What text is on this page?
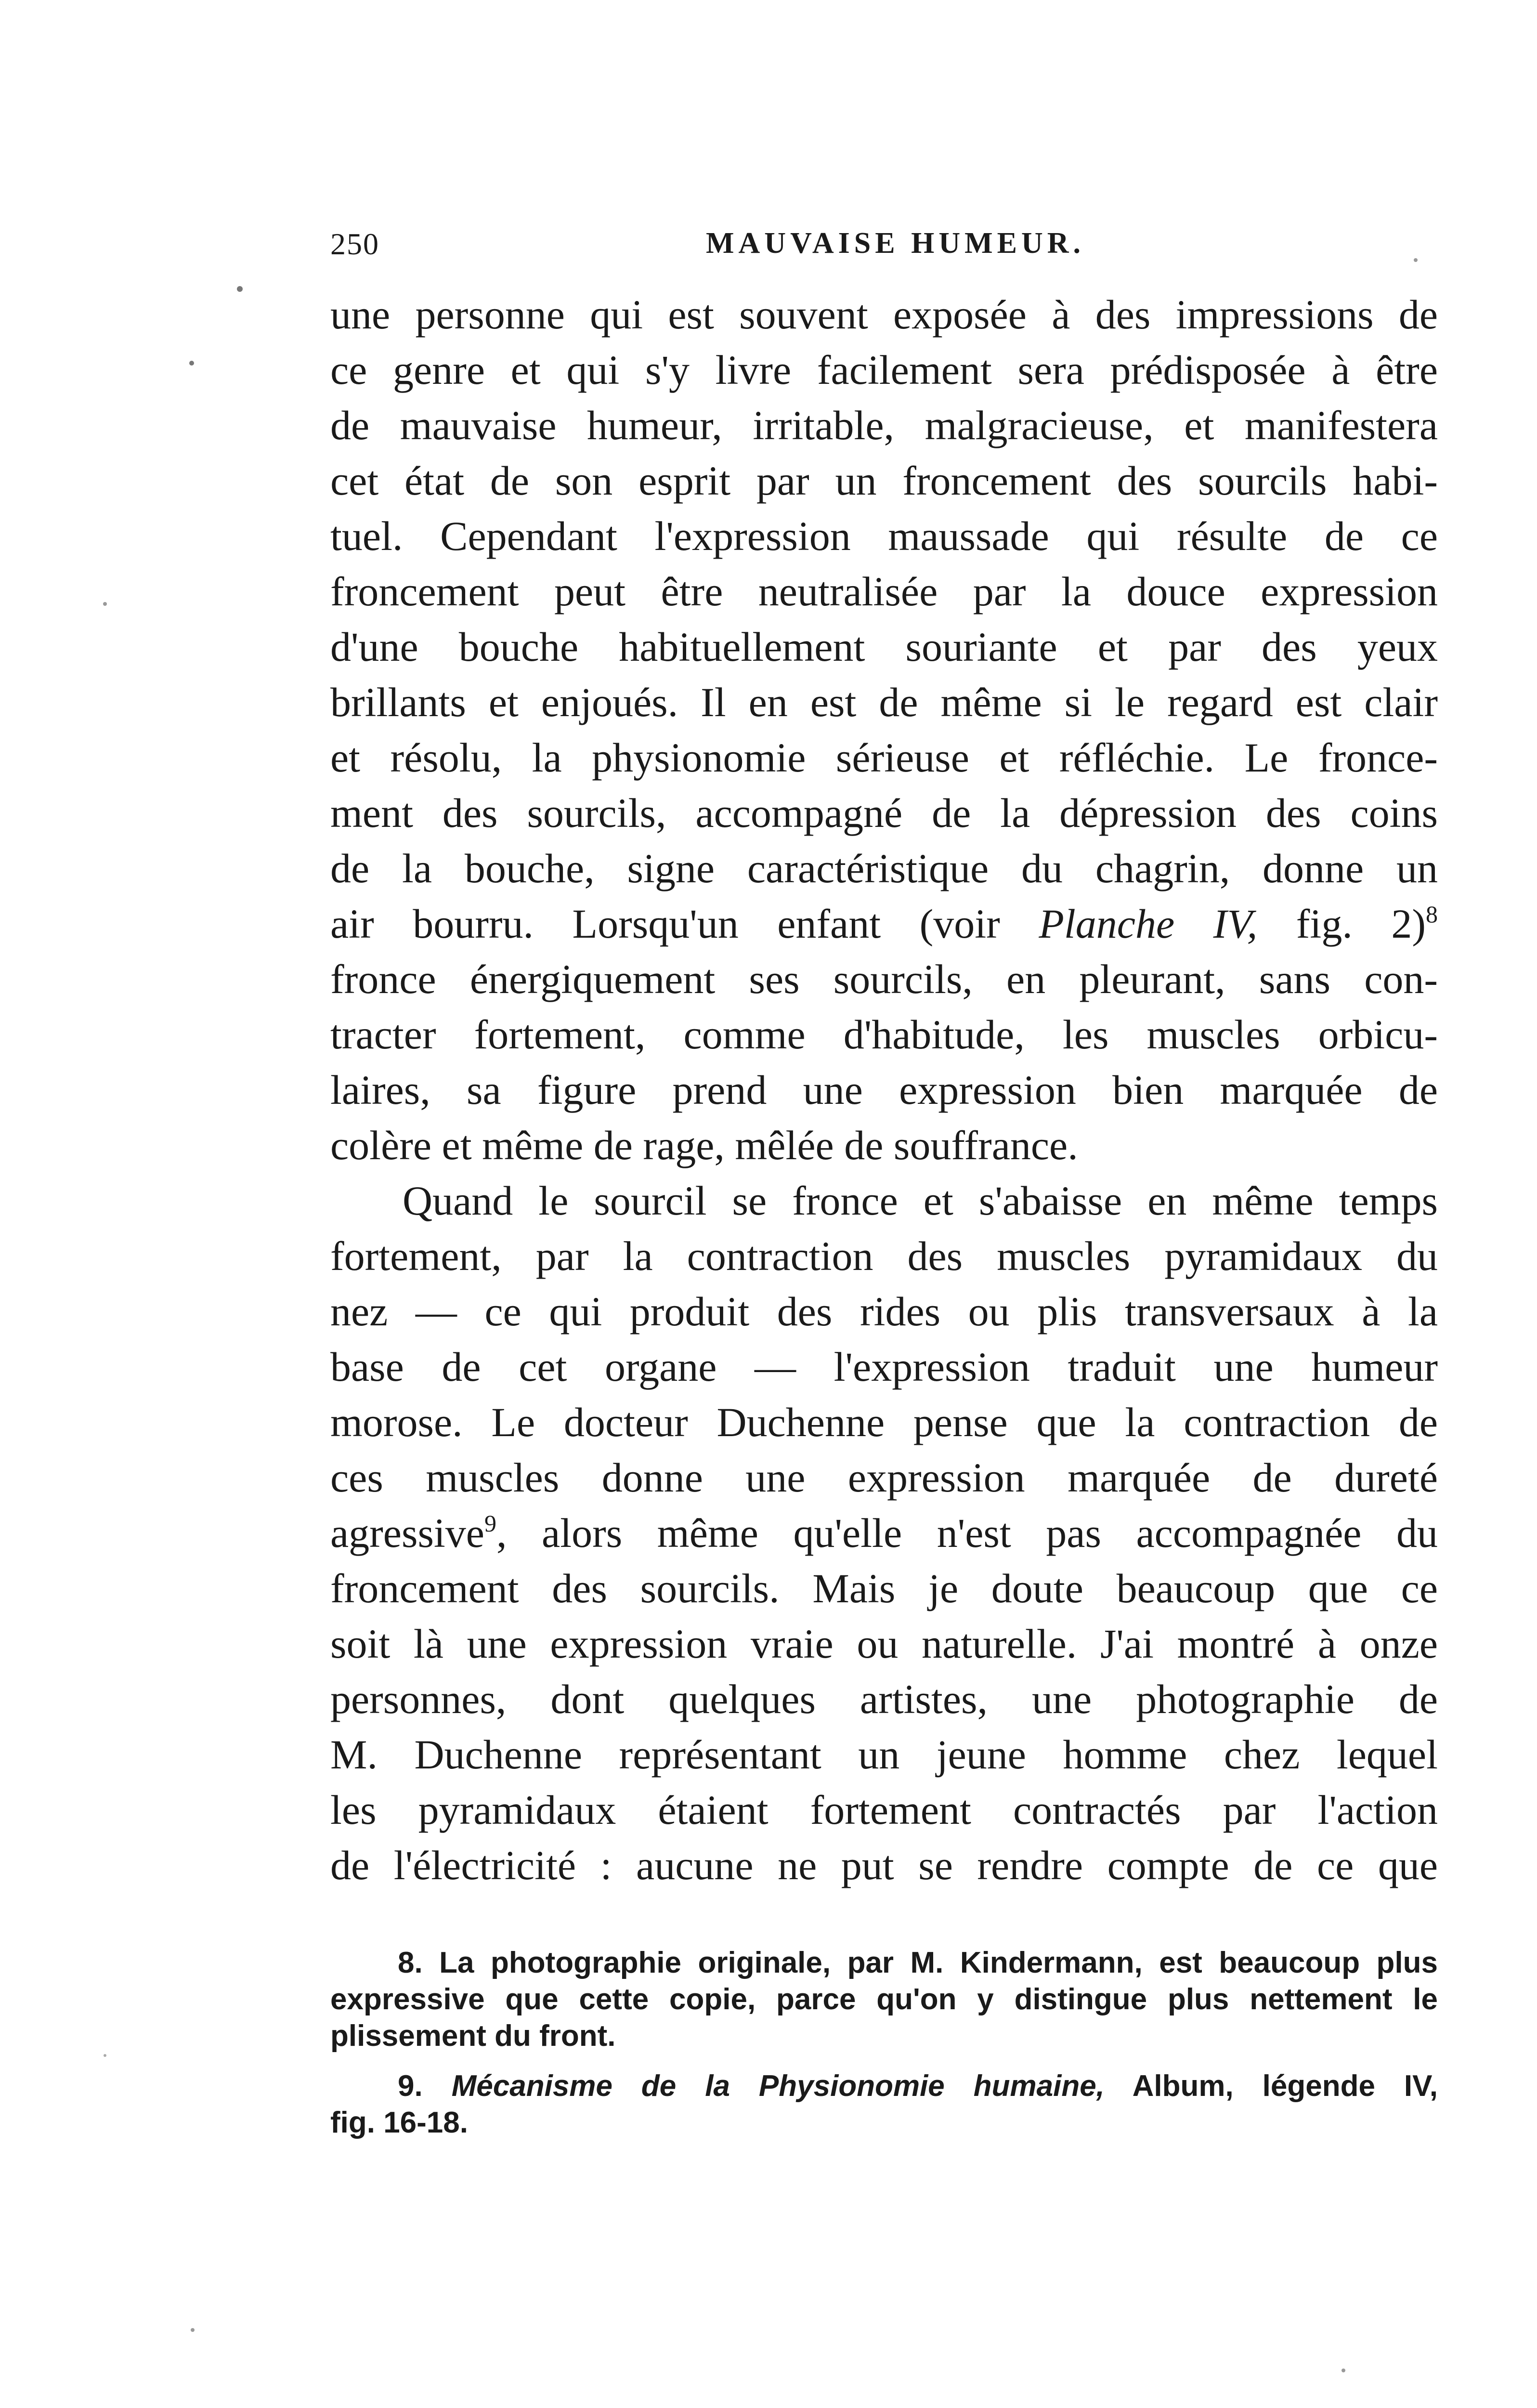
250	MAUVAISE HUMEUR.
une personne qui est souvent exposée à des impressions de
ce genre et qui s'y livre facilement sera prédisposée à être
de mauvaise humeur, irritable, malgracieuse, et manifestera
cet état de son esprit par un froncement des sourcils habi-
tuel. Cependant l'expression maussade qui résulte de ce
froncement peut être neutralisée par la douce expression
d'une bouche habituellement souriante et par des yeux
brillants et enjoués. Il en est de même si le regard est clair
et résolu, la physionomie sérieuse et réfléchie. Le fronce-
ment des sourcils, accompagné de la dépression des coins
de la bouche, signe caractéristique du chagrin, donne un
air bourru. Lorsqu'un enfant (voir Planche IV, fig. 2)$^8$
fronce énergiquement ses sourcils, en pleurant, sans con-
tracter fortement, comme d'habitude, les muscles orbicu-
laires, sa figure prend une expression bien marquée de
colère et même de rage, mêlée de souffrance.
Quand le sourcil se fronce et s'abaisse en même temps
fortement, par la contraction des muscles pyramidaux du
nez — ce qui produit des rides ou plis transversaux à la
base de cet organe — l'expression traduit une humeur
morose. Le docteur Duchenne pense que la contraction de
ces muscles donne une expression marquée de dureté
agressive$^9$, alors même qu'elle n'est pas accompagnée du
froncement des sourcils. Mais je doute beaucoup que ce
soit là une expression vraie ou naturelle. J'ai montré à onze
personnes, dont quelques artistes, une photographie de
M. Duchenne représentant un jeune homme chez lequel
les pyramidaux étaient fortement contractés par l'action
de l'électricité : aucune ne put se rendre compte de ce que
8. La photographie originale, par M. Kindermann, est beaucoup plus
expressive que cette copie, parce qu'on y distingue plus nettement le
plissement du front.
9. Mécanisme de la Physionomie humaine, Album, légende IV,
fig. 16-18.
